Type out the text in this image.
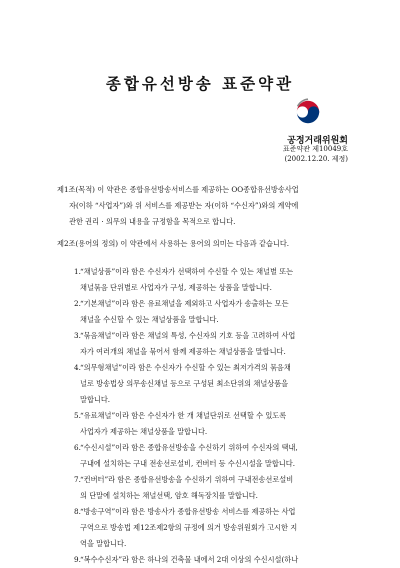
종합유선방송 표준약관
공정거래위원회
표준약관 제10049호
(2002.12.20. 제정)

제1조(목적) 이 약관은 종합유선방송서비스를 제공하는 OO종합유선방송사업

자(이하 “사업자”)와 위 서비스를 제공받는 자(이하 “수신자”)와의 계약에

관한 권리 · 의무의 내용을 규정함을 목적으로 합니다.

제2조(용어의 정의) 이 약관에서 사용하는 용어의 의미는 다음과 같습니다.

1 . “채널상품”이라 함은 수신자가 선택하여 수신할 수 있는 채널별 또는
채널묶음 단위별로 사업자가 구성, 제공하는 상품을 말합니다.
2 . “기본채널”이라 함은 유료채널을 제외하고 사업자가 송출하는 모든
채널을 수신할 수 있는 채널상품을 말합니다.
3 . “묶음채널”이라 함은 채널의 특성, 수신자의 기호 등을 고려하여 사업
자가 여러개의 채널을 묶어서 함께 제공하는 채널상품을 말합니다.
4 . “의무형채널”이라 함은 수신자가 수신할 수 있는 최저가격의 묶음채
널로 방송법상 의무송신채널 등으로 구성된 최소단위의 채널상품을
말합니다.
5 . “유료채널”이라 함은 수신자가 한 개 채널단위로 선택할 수 있도록
사업자가 제공하는 채널상품을 말합니다.
6 . “수신시설”이라 함은 종합유선방송을 수신하기 위하여 수신자의 택내,
구내에 설치하는 구내 전송선로설비, 컨버터 등 수신시설을 말합니다.
7 . “컨버터”라 함은 종합유선방송을 수신하기 위하여 구내전송선로설비
의 단말에 설치하는 채널선택, 암호 해독장치를 말합니다.
8 . “방송구역”이라 함은 방송사가 종합유선방송 서비스를 제공하는 사업
구역으로 방송법 제12조제2항의 규정에 의거 방송위원회가 고시한 지
역을 말합니다.
9 . “복수수신자”라 함은 하나의 건축물 내에서 2대 이상의 수신시설(하나
